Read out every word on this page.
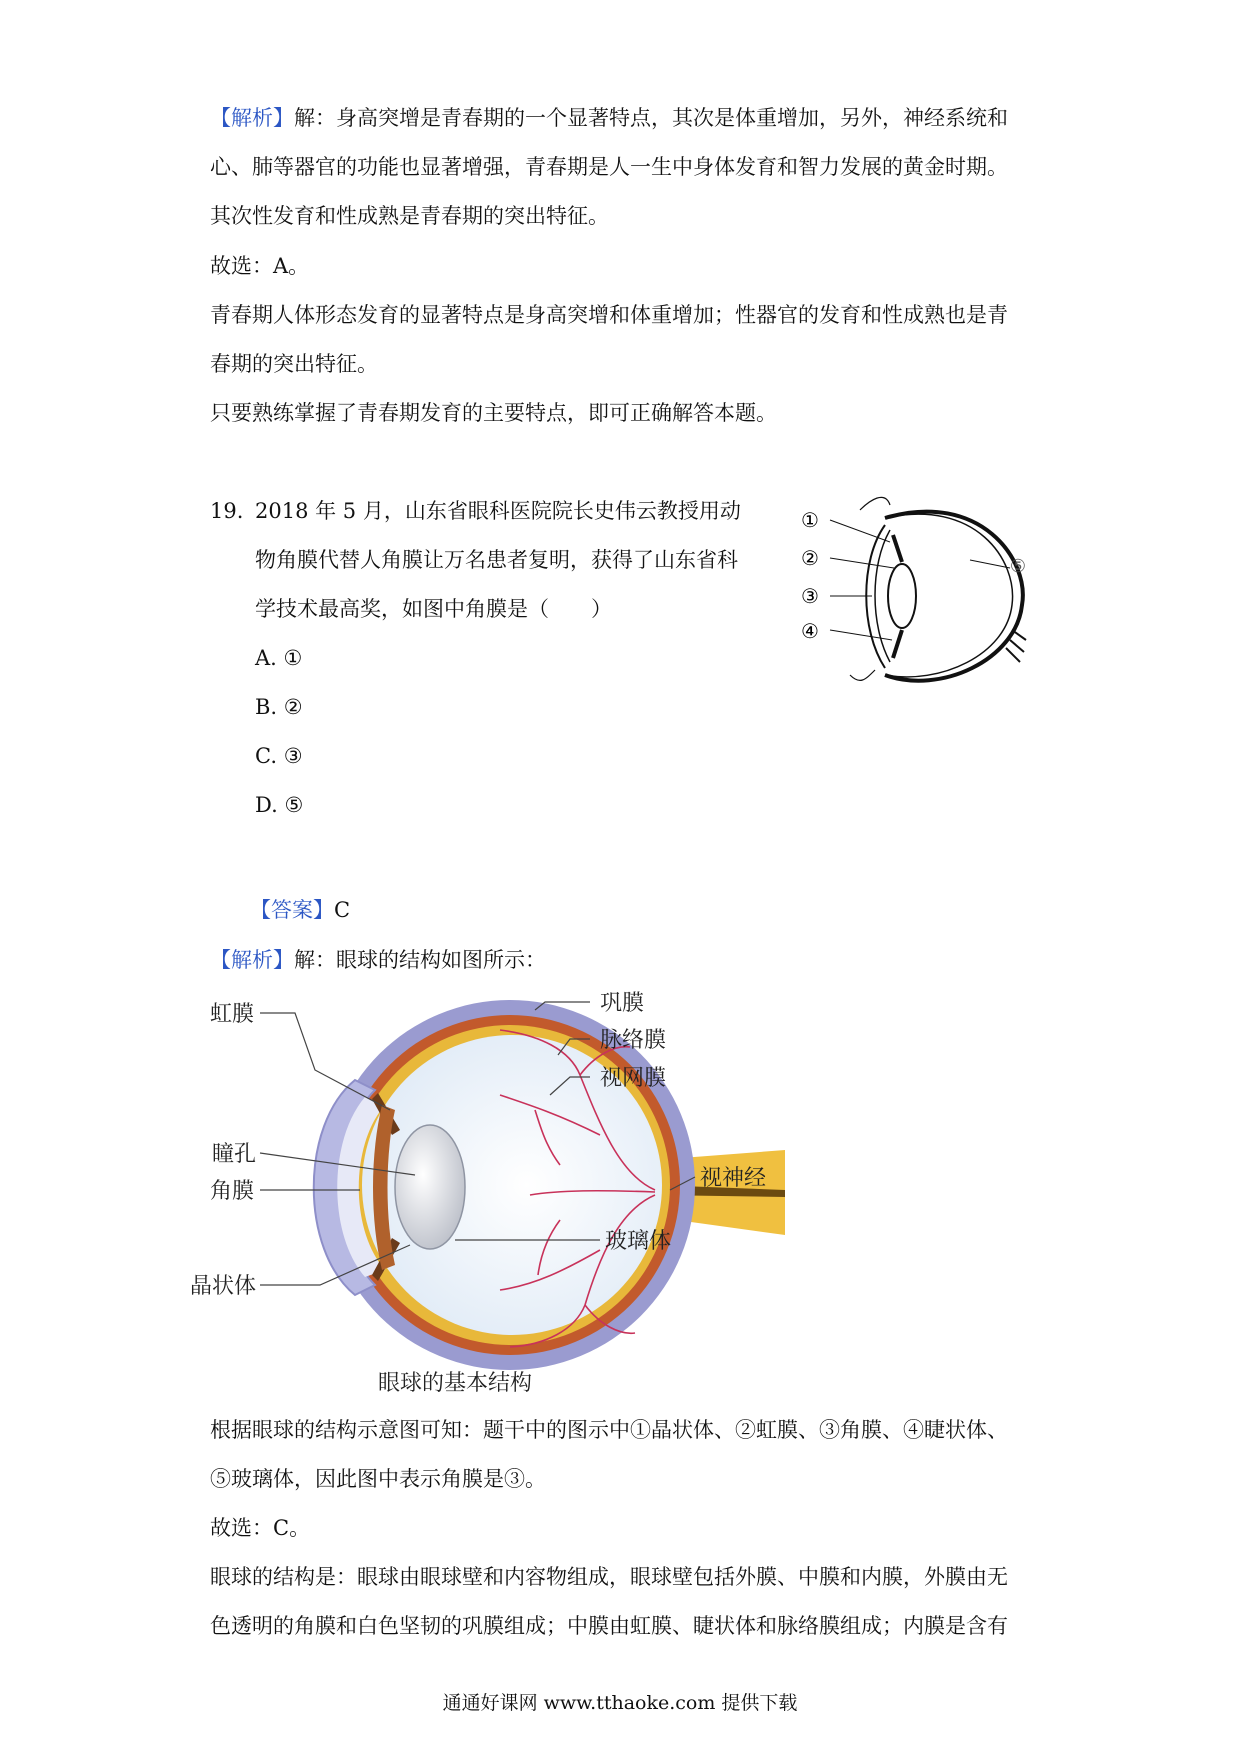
【解析】解：身高突增是青春期的一个显著特点，其次是体重增加，另外，神经系统和
心、肺等器官的功能也显著增强，青春期是人一生中身体发育和智力发展的黄金时期。
其次性发育和性成熟是青春期的突出特征。
故选：A。
青春期人体形态发育的显著特点是身高突增和体重增加；性器官的发育和性成熟也是青
春期的突出特征。
只要熟练掌握了青春期发育的主要特点，即可正确解答本题。
19. 2018 年 5 月，山东省眼科医院院长史伟云教授用动
物角膜代替人角膜让万名患者复明，获得了山东省科
学技术最高奖，如图中角膜是（　　）
A. ①
B. ②
C. ③
D. ⑤
①
②
③
④
⑤
【答案】C
【解析】解：眼球的结构如图所示：
虹膜
瞳孔
角膜
晶状体
巩膜
脉络膜
视网膜
视神经
玻璃体
眼球的基本结构
根据眼球的结构示意图可知：题干中的图示中①晶状体、②虹膜、③角膜、④睫状体、
⑤玻璃体，因此图中表示角膜是③。
故选：C。
眼球的结构是：眼球由眼球壁和内容物组成，眼球壁包括外膜、中膜和内膜，外膜由无
色透明的角膜和白色坚韧的巩膜组成；中膜由虹膜、睫状体和脉络膜组成；内膜是含有
通通好课网 www.tthaoke.com 提供下载
